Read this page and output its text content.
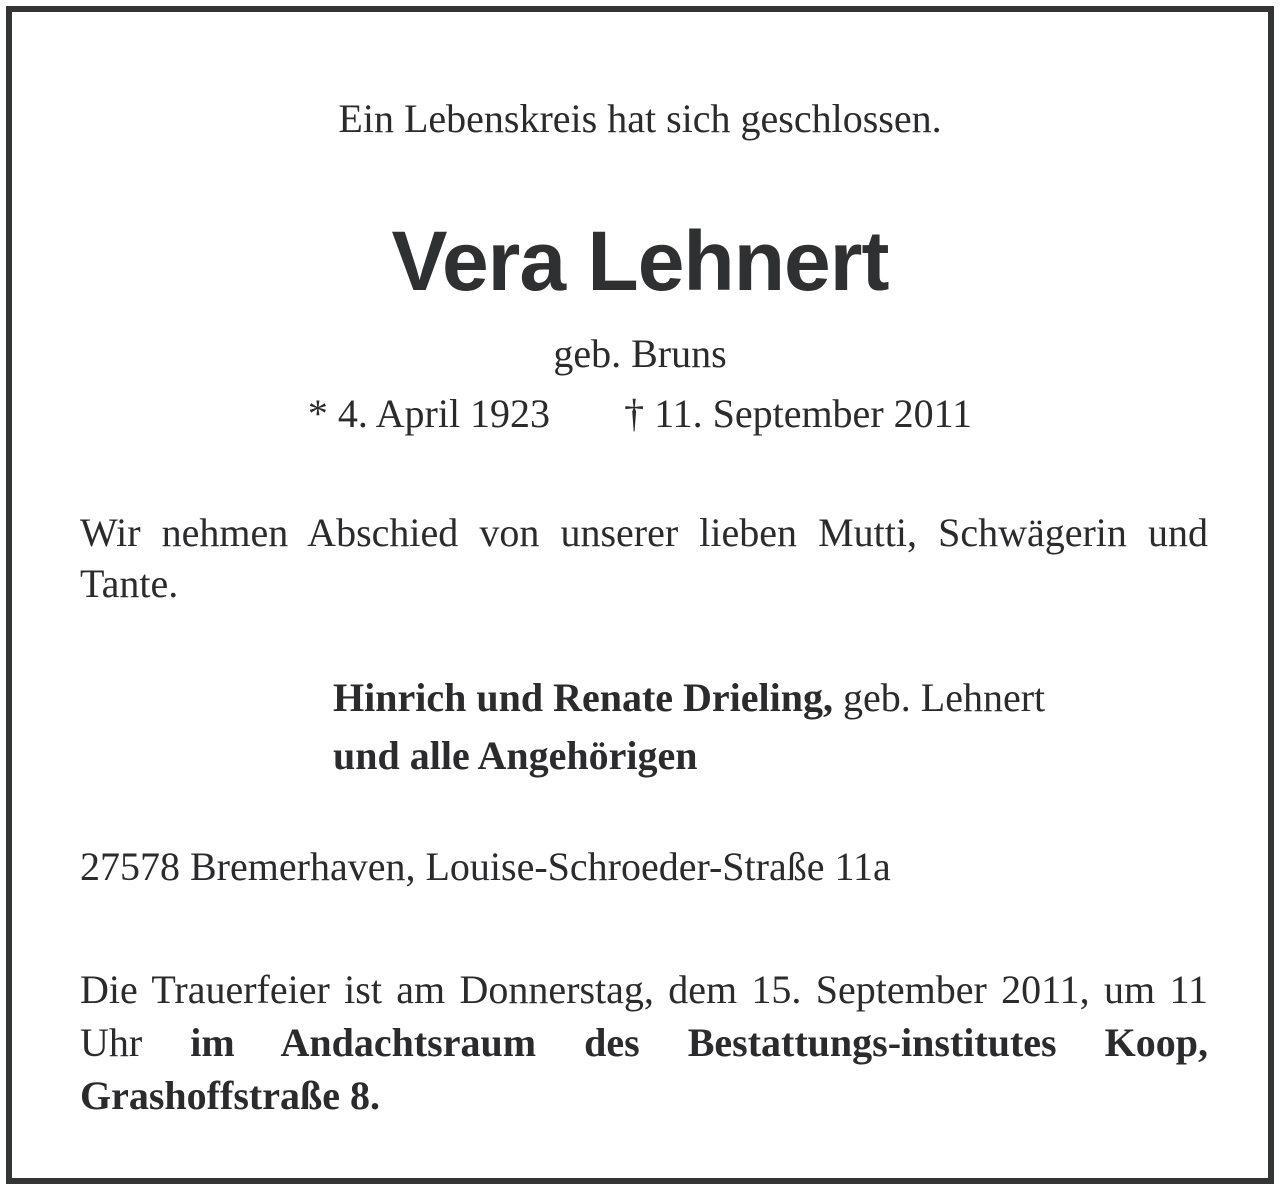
Ein Lebenskreis hat sich geschlossen.
Vera Lehnert
geb. Bruns
* 4. April 1923 † 11. September 2011
Wir nehmen Abschied von unserer lieben Mutti, Schwägerin und Tante.
Hinrich und Renate Drieling, geb. Lehnert
und alle Angehörigen
27578 Bremerhaven, Louise-Schroeder-Straße 11a
Die Trauerfeier ist am Donnerstag, dem 15. September 2011, um 11 Uhr im Andachtsraum des Bestattungs-institutes Koop, Grashoffstraße 8.
